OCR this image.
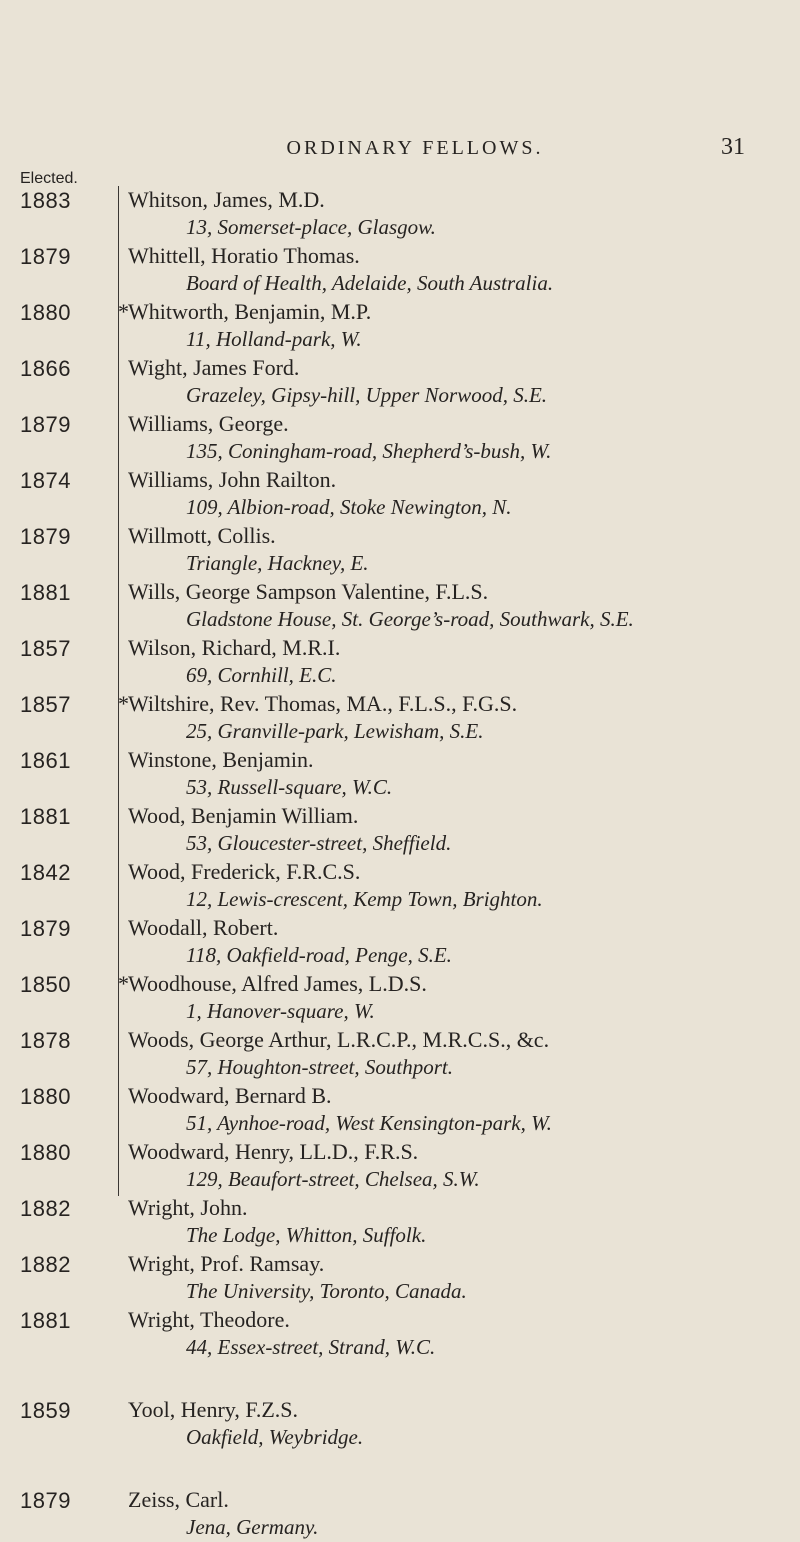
ORDINARY FELLOWS.	31
Elected.
1883	Whitson, James, M.D.
13, Somerset-place, Glasgow.
1879	Whittell, Horatio Thomas.
Board of Health, Adelaide, South Australia.
1880	*Whitworth, Benjamin, M.P.
11, Holland-park, W.
1866	Wight, James Ford.
Grazeley, Gipsy-hill, Upper Norwood, S.E.
1879	Williams, George.
135, Coningham-road, Shepherd’s-bush, W.
1874	Williams, John Railton.
109, Albion-road, Stoke Newington, N.
1879	Willmott, Collis.
Triangle, Hackney, E.
1881	Wills, George Sampson Valentine, F.L.S.
Gladstone House, St. George’s-road, Southwark, S.E.
1857	Wilson, Richard, M.R.I.
69, Cornhill, E.C.
1857	*Wiltshire, Rev. Thomas, MA., F.L.S., F.G.S.
25, Granville-park, Lewisham, S.E.
1861	Winstone, Benjamin.
53, Russell-square, W.C.
1881	Wood, Benjamin William.
53, Gloucester-street, Sheffield.
1842	Wood, Frederick, F.R.C.S.
12, Lewis-crescent, Kemp Town, Brighton.
1879	Woodall, Robert.
118, Oakfield-road, Penge, S.E.
1850	*Woodhouse, Alfred James, L.D.S.
1, Hanover-square, W.
1878	Woods, George Arthur, L.R.C.P., M.R.C.S., &c.
57, Houghton-street, Southport.
1880	Woodward, Bernard B.
51, Aynhoe-road, West Kensington-park, W.
1880	Woodward, Henry, LL.D., F.R.S.
129, Beaufort-street, Chelsea, S.W.
1882	Wright, John.
The Lodge, Whitton, Suffolk.
1882	Wright, Prof. Ramsay.
The University, Toronto, Canada.
1881	Wright, Theodore.
44, Essex-street, Strand, W.C.
1859	Yool, Henry, F.Z.S.
Oakfield, Weybridge.
1879	Zeiss, Carl.
Jena, Germany.
